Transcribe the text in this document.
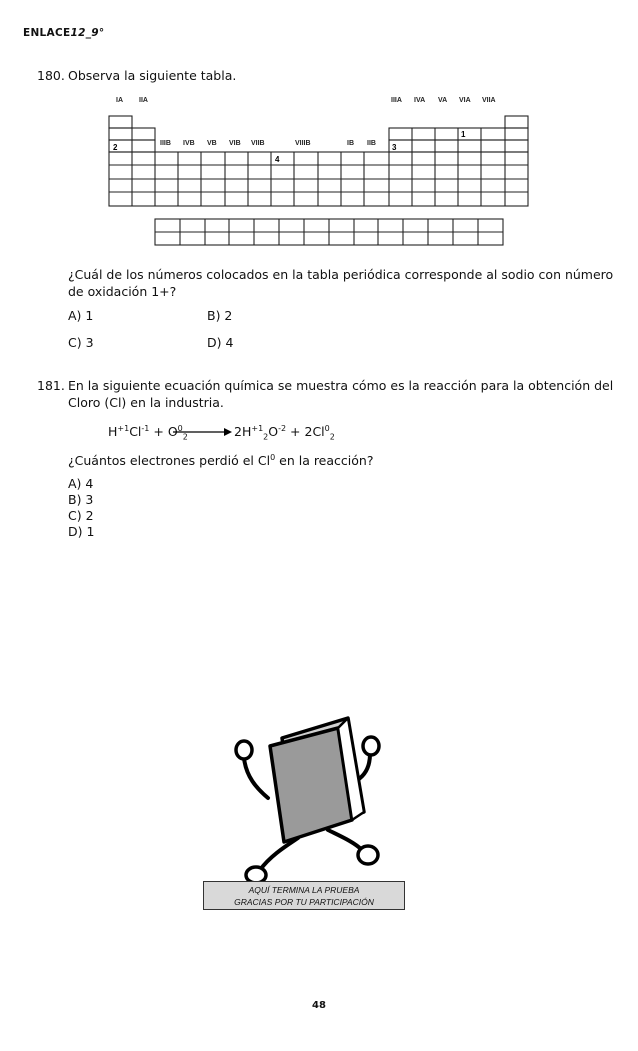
ENLACE12_9°
180. Observa la siguiente tabla.
IA IIA
IIIB IVB VB VIB VIIB	VIIIB	IB IIB
IIIA IVA VA VIA VIIA
2
1
3
4
¿Cuál de los números colocados en la tabla periódica corresponde al sodio con número de oxidación 1+?
A) 1	B) 2
C) 3	D) 4
181. En la siguiente ecuación química se muestra cómo es la reacción para la obtención del Cloro (Cl) en la industria.
$H^{+1}Cl^{-1} + O^0_2 \to 2H^{+1}_2O^{-2} + 2Cl^0_2$
¿Cuántos electrones perdió el Cl$^0$ en la reacción?
A) 4
B) 3
C) 2
D) 1
AQUÍ TERMINA LA PRUEBA
GRACIAS POR TU PARTICIPACIÓN
48
